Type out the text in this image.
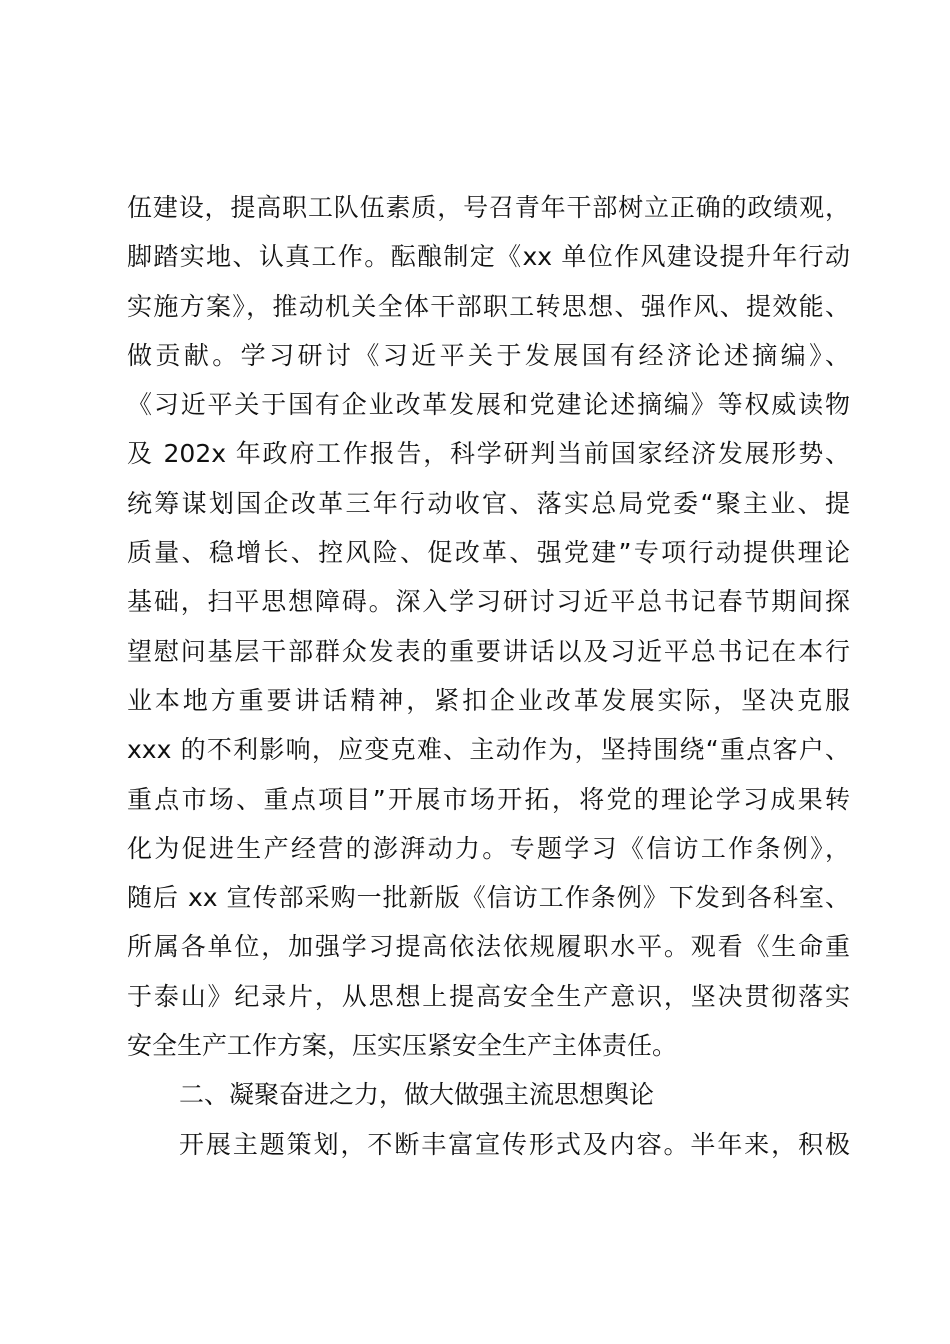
伍建设，提高职工队伍素质，号召青年干部树立正确的政绩观，
脚踏实地、认真工作。酝酿制定《xx 单位作风建设提升年行动
实施方案》，推动机关全体干部职工转思想、强作风、提效能、
做贡献。学习研讨《习近平关于发展国有经济论述摘编》、
《习近平关于国有企业改革发展和党建论述摘编》等权威读物
及 202x 年政府工作报告，科学研判当前国家经济发展形势、
统筹谋划国企改革三年行动收官、落实总局党委“聚主业、提
质量、稳增长、控风险、促改革、强党建”专项行动提供理论
基础，扫平思想障碍。深入学习研讨习近平总书记春节期间探
望慰问基层干部群众发表的重要讲话以及习近平总书记在本行
业本地方重要讲话精神，紧扣企业改革发展实际，坚决克服
xxx 的不利影响，应变克难、主动作为，坚持围绕“重点客户、
重点市场、重点项目”开展市场开拓，将党的理论学习成果转
化为促进生产经营的澎湃动力。专题学习《信访工作条例》，
随后 xx 宣传部采购一批新版《信访工作条例》下发到各科室、
所属各单位，加强学习提高依法依规履职水平。观看《生命重
于泰山》纪录片，从思想上提高安全生产意识，坚决贯彻落实
安全生产工作方案，压实压紧安全生产主体责任。
二、凝聚奋进之力，做大做强主流思想舆论
开展主题策划，不断丰富宣传形式及内容。半年来，积极
